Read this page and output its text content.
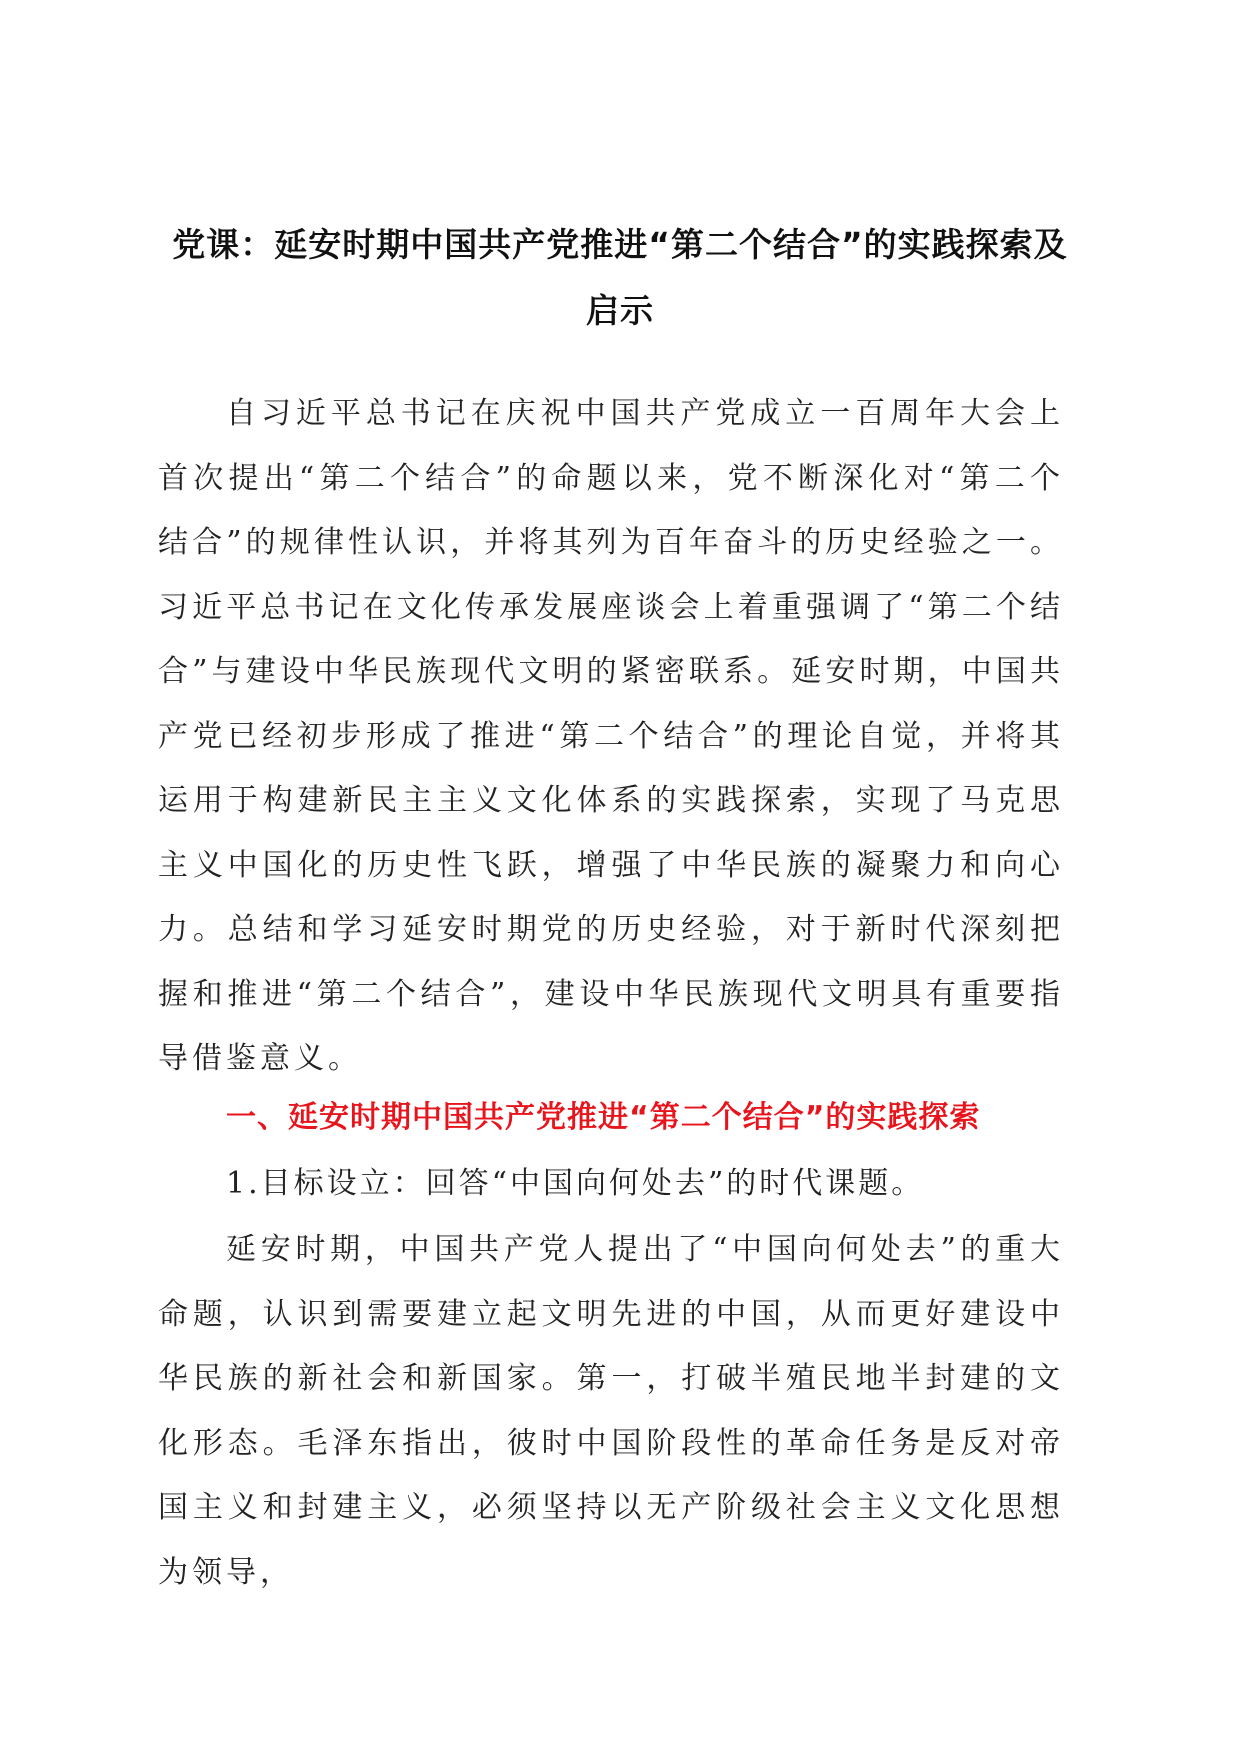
党课：延安时期中国共产党推进“第二个结合”的实践探索及
启示

自习近平总书记在庆祝中国共产党成立一百周年大会上首次提出“第二个结合”的命题以来，党不断深化对“第二个结合”的规律性认识，并将其列为百年奋斗的历史经验之一。习近平总书记在文化传承发展座谈会上着重强调了“第二个结合”与建设中华民族现代文明的紧密联系。延安时期，中国共产党已经初步形成了推进“第二个结合”的理论自觉，并将其运用于构建新民主主义文化体系的实践探索，实现了马克思主义中国化的历史性飞跃，增强了中华民族的凝聚力和向心力。总结和学习延安时期党的历史经验，对于新时代深刻把握和推进“第二个结合”，建设中华民族现代文明具有重要指导借鉴意义。

一、延安时期中国共产党推进“第二个结合”的实践探索
1.目标设立：回答“中国向何处去”的时代课题。

延安时期，中国共产党人提出了“中国向何处去”的重大命题，认识到需要建立起文明先进的中国，从而更好建设中华民族的新社会和新国家。第一，打破半殖民地半封建的文化形态。毛泽东指出，彼时中国阶段性的革命任务是反对帝国主义和封建主义，必须坚持以无产阶级社会主义文化思想为领导，
